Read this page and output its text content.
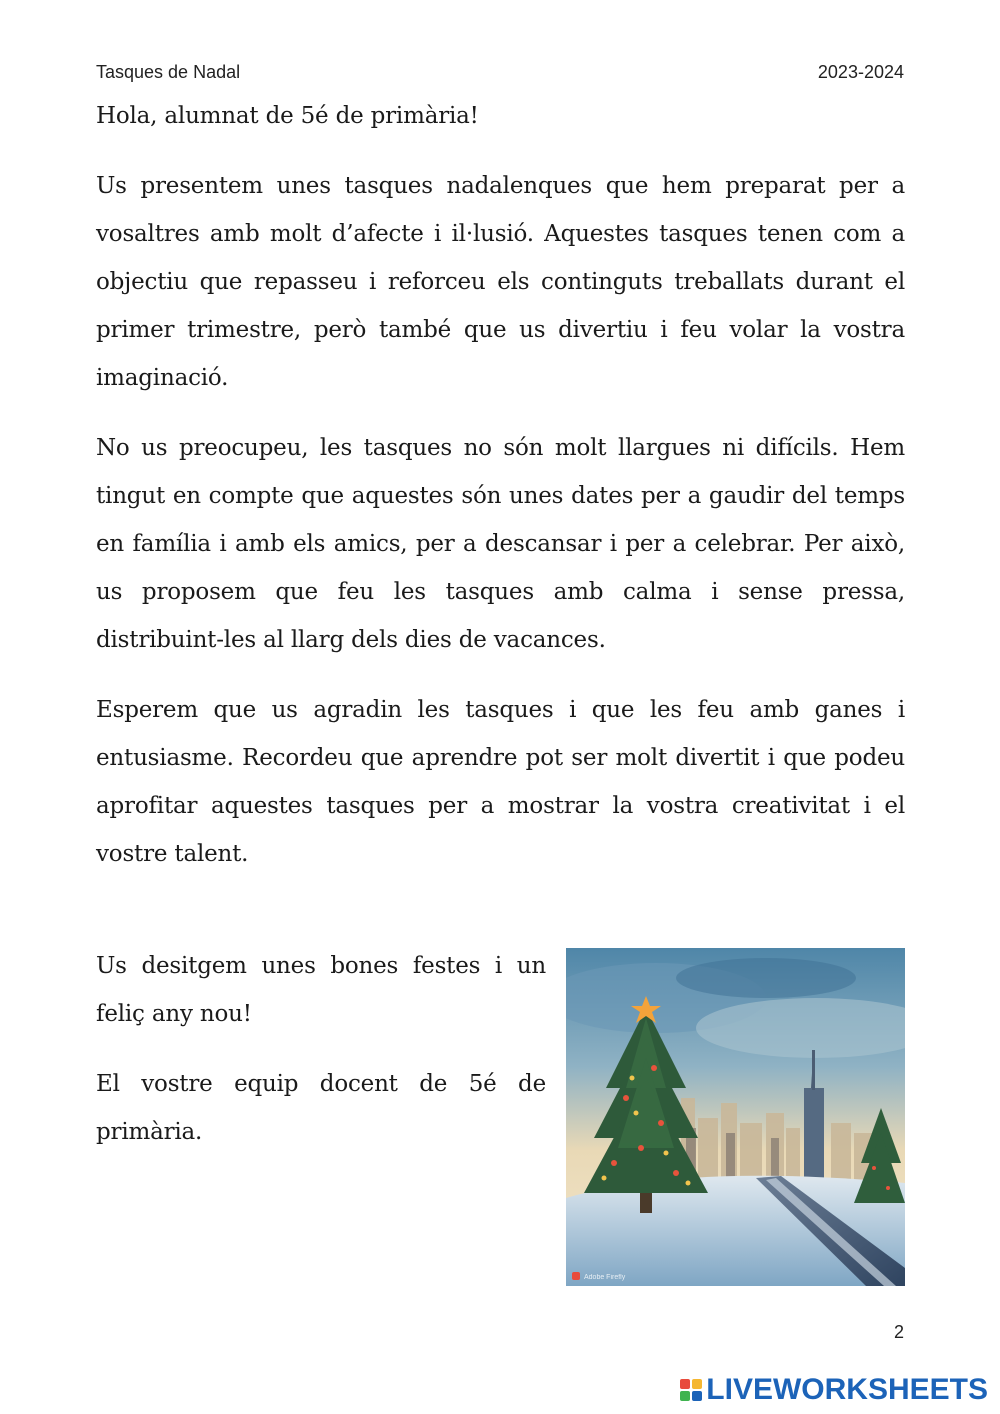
Tasques de Nadal	2023-2024

Hola, alumnat de 5é de primària!

Us presentem unes tasques nadalenques que hem preparat per a vosaltres amb molt d’afecte i il·lusió. Aquestes tasques tenen com a objectiu que repasseu i reforceu els continguts treballats durant el primer trimestre, però també que us divertiu i feu volar la vostra imaginació.

No us preocupeu, les tasques no són molt llargues ni difícils. Hem tingut en compte que aquestes són unes dates per a gaudir del temps en família i amb els amics, per a descansar i per a celebrar. Per això, us proposem que feu les tasques amb calma i sense pressa, distribuint-les al llarg dels dies de vacances.

Esperem que us agradin les tasques i que les feu amb ganes i entusiasme. Recordeu que aprendre pot ser molt divertit i que podeu aprofitar aquestes tasques per a mostrar la vostra creativitat i el vostre talent.

Us desitgem unes bones festes i un feliç any nou!

El vostre equip docent de 5é de primària.

Adobe Firefly
2
LIVEWORKSHEETS
